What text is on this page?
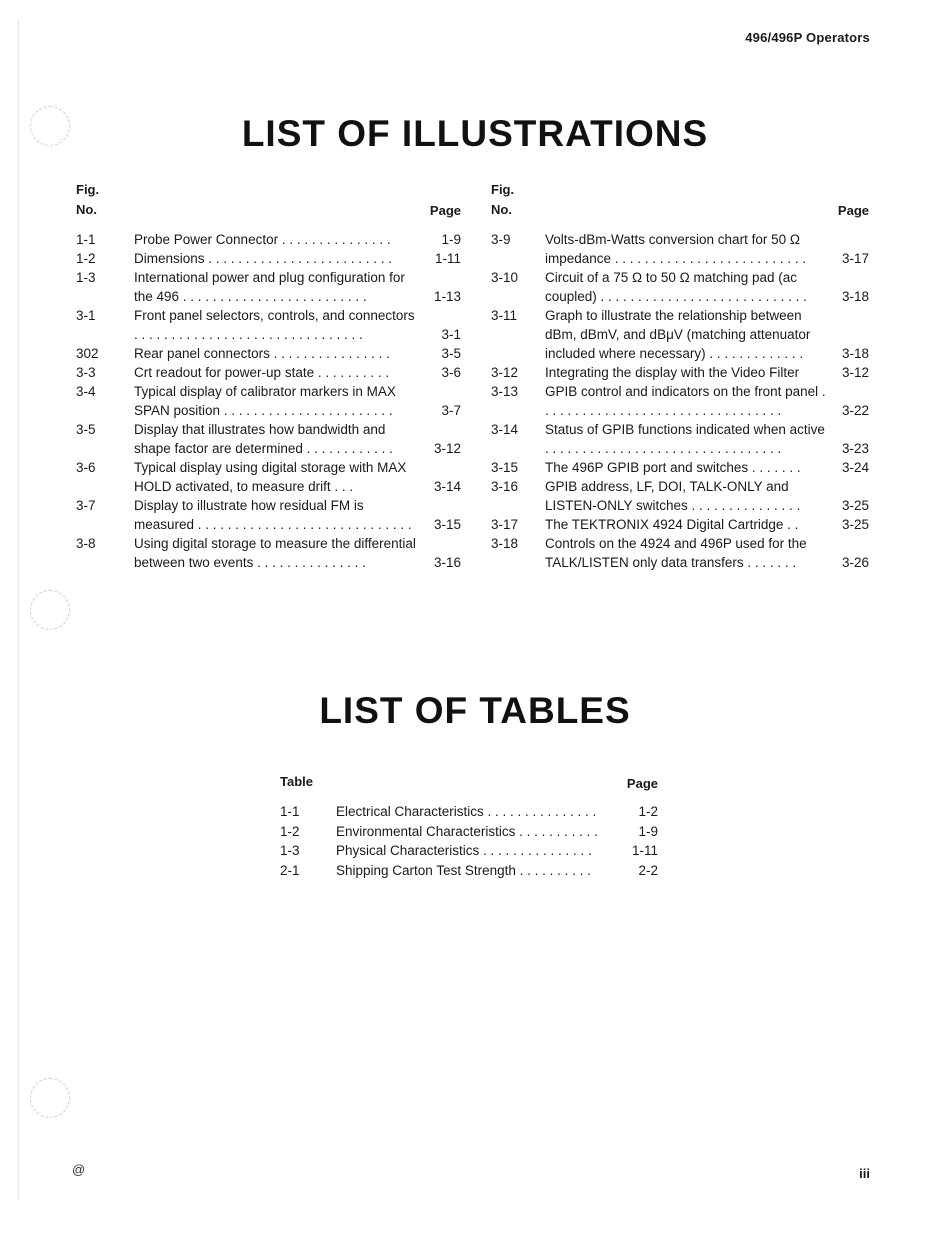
496/496P Operators
LIST OF ILLUSTRATIONS
Fig.
No.	Page
1-1	Probe Power Connector . . . . . . . . . . . . . . .	1-9
1-2	Dimensions . . . . . . . . . . . . . . . . . . . . . . . . .	1-11
1-3	International power and plug configuration for the 496 . . . . . . . . . . . . . . . . . . . . . . . . .	1-13
3-1	Front panel selectors, controls, and connectors . . . . . . . . . . . . . . . . . . . . . . . . . . . . . . .	3-1
302	Rear panel connectors . . . . . . . . . . . . . . . .	3-5
3-3	Crt readout for power-up state . . . . . . . . . .	3-6
3-4	Typical display of calibrator markers in MAX SPAN position . . . . . . . . . . . . . . . . . . . . . . .	3-7
3-5	Display that illustrates how bandwidth and shape factor are determined . . . . . . . . . . . .	3-12
3-6	Typical display using digital storage with MAX HOLD activated, to measure drift . . .	3-14
3-7	Display to illustrate how residual FM is measured . . . . . . . . . . . . . . . . . . . . . . . . . . . . .	3-15
3-8	Using digital storage to measure the differential between two events . . . . . . . . . . . . . . .	3-16
Fig.
No.	Page
3-9	Volts-dBm-Watts conversion chart for 50 Ω impedance . . . . . . . . . . . . . . . . . . . . . . . . . .	3-17
3-10	Circuit of a 75 Ω to 50 Ω matching pad (ac coupled) . . . . . . . . . . . . . . . . . . . . . . . . . . . .	3-18
3-11	Graph to illustrate the relationship between dBm, dBmV, and dBμV (matching attenuator included where necessary) . . . . . . . . . . . . .	3-18
3-12	Integrating the display with the Video Filter	3-12
3-13	GPIB control and indicators on the front panel . . . . . . . . . . . . . . . . . . . . . . . . . . . . . . . . .	3-22
3-14	Status of GPIB functions indicated when active . . . . . . . . . . . . . . . . . . . . . . . . . . . . . . . .	3-23
3-15	The 496P GPIB port and switches . . . . . . .	3-24
3-16	GPIB address, LF, DOI, TALK-ONLY and LISTEN-ONLY switches . . . . . . . . . . . . . . .	3-25
3-17	The TEKTRONIX 4924 Digital Cartridge . .	3-25
3-18	Controls on the 4924 and 496P used for the TALK/LISTEN only data transfers . . . . . . .	3-26
LIST OF TABLES
Table	Page
1-1	Electrical Characteristics . . . . . . . . . . . . . . .	1-2
1-2	Environmental Characteristics . . . . . . . . . . .	1-9
1-3	Physical Characteristics . . . . . . . . . . . . . . .	1-11
2-1	Shipping Carton Test Strength . . . . . . . . . .	2-2
@	iii
